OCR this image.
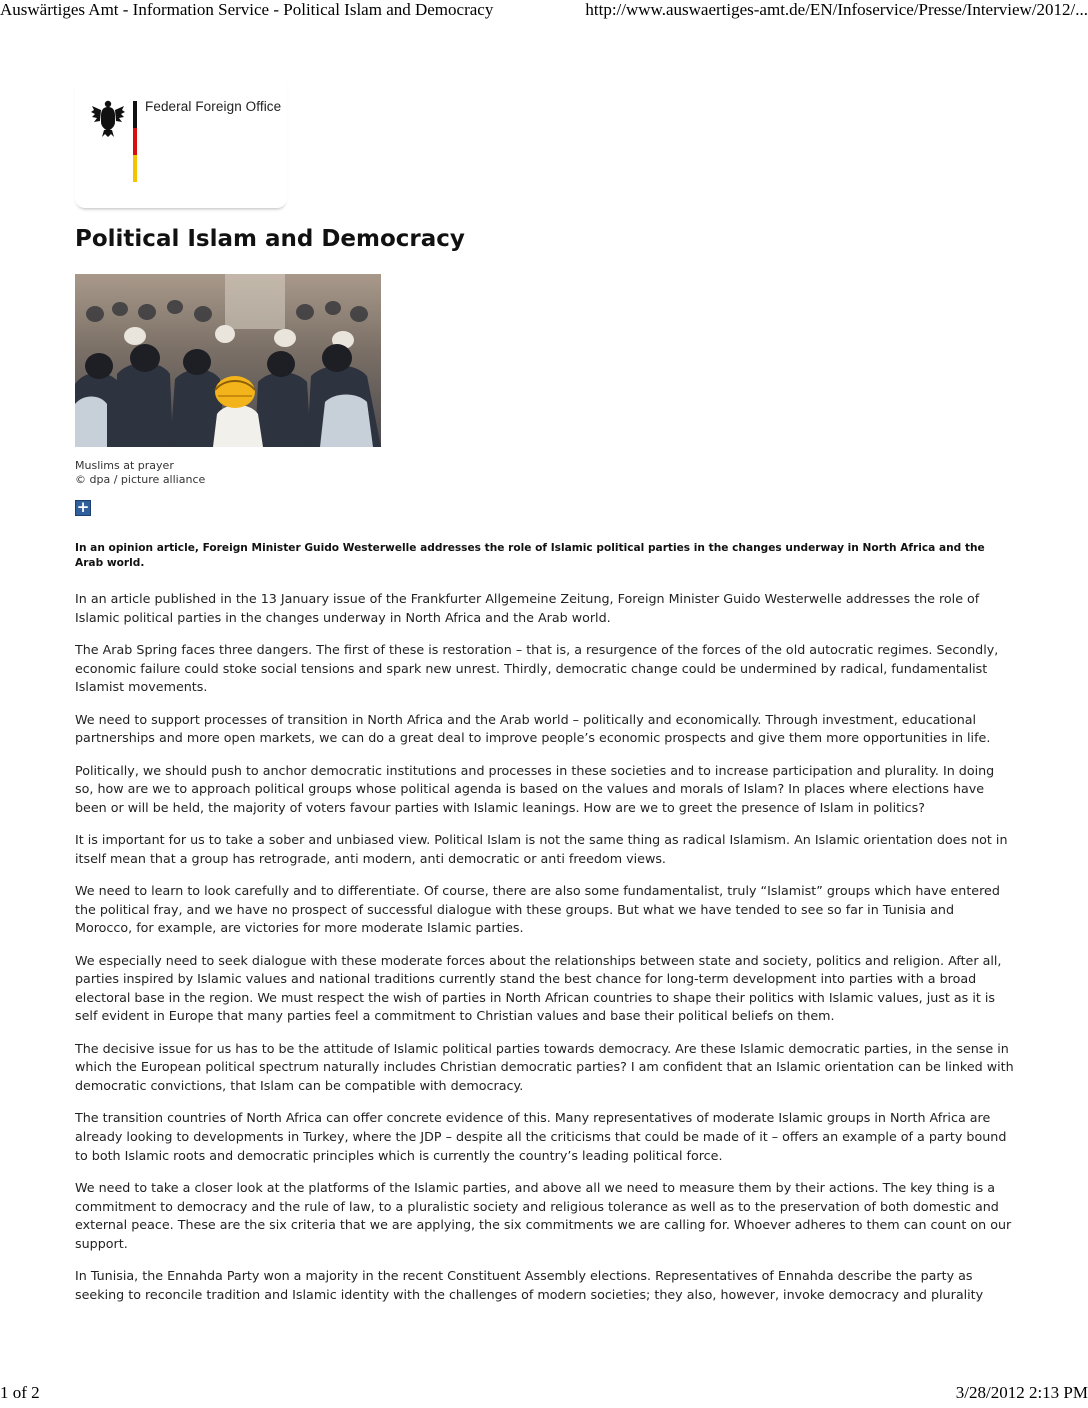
Auswärtiges Amt - Information Service - Political Islam and Democracy	http://www.auswaertiges-amt.de/EN/Infoservice/Presse/Interview/2012/...
Federal Foreign Office
Political Islam and Democracy
Muslims at prayer
© dpa / picture alliance
+

In an opinion article, Foreign Minister Guido Westerwelle addresses the role of Islamic political parties in the changes underway in North Africa and the Arab world.

In an article published in the 13 January issue of the Frankfurter Allgemeine Zeitung, Foreign Minister Guido Westerwelle addresses the role of Islamic political parties in the changes underway in North Africa and the Arab world.

The Arab Spring faces three dangers. The first of these is restoration – that is, a resurgence of the forces of the old autocratic regimes. Secondly, economic failure could stoke social tensions and spark new unrest. Thirdly, democratic change could be undermined by radical, fundamentalist Islamist movements.

We need to support processes of transition in North Africa and the Arab world – politically and economically. Through investment, educational partnerships and more open markets, we can do a great deal to improve people’s economic prospects and give them more opportunities in life.

Politically, we should push to anchor democratic institutions and processes in these societies and to increase participation and plurality. In doing so, how are we to approach political groups whose political agenda is based on the values and morals of Islam? In places where elections have been or will be held, the majority of voters favour parties with Islamic leanings. How are we to greet the presence of Islam in politics?

It is important for us to take a sober and unbiased view. Political Islam is not the same thing as radical Islamism. An Islamic orientation does not in itself mean that a group has retrograde, anti modern, anti democratic or anti freedom views.

We need to learn to look carefully and to differentiate. Of course, there are also some fundamentalist, truly “Islamist” groups which have entered the political fray, and we have no prospect of successful dialogue with these groups. But what we have tended to see so far in Tunisia and Morocco, for example, are victories for more moderate Islamic parties.

We especially need to seek dialogue with these moderate forces about the relationships between state and society, politics and religion. After all, parties inspired by Islamic values and national traditions currently stand the best chance for long-term development into parties with a broad electoral base in the region. We must respect the wish of parties in North African countries to shape their politics with Islamic values, just as it is self evident in Europe that many parties feel a commitment to Christian values and base their political beliefs on them.

The decisive issue for us has to be the attitude of Islamic political parties towards democracy. Are these Islamic democratic parties, in the sense in which the European political spectrum naturally includes Christian democratic parties? I am confident that an Islamic orientation can be linked with democratic convictions, that Islam can be compatible with democracy.

The transition countries of North Africa can offer concrete evidence of this. Many representatives of moderate Islamic groups in North Africa are already looking to developments in Turkey, where the JDP – despite all the criticisms that could be made of it – offers an example of a party bound to both Islamic roots and democratic principles which is currently the country’s leading political force.

We need to take a closer look at the platforms of the Islamic parties, and above all we need to measure them by their actions. The key thing is a commitment to democracy and the rule of law, to a pluralistic society and religious tolerance as well as to the preservation of both domestic and external peace. These are the six criteria that we are applying, the six commitments we are calling for. Whoever adheres to them can count on our support.

In Tunisia, the Ennahda Party won a majority in the recent Constituent Assembly elections. Representatives of Ennahda describe the party as seeking to reconcile tradition and Islamic identity with the challenges of modern societies; they also, however, invoke democracy and plurality

1 of 2	3/28/2012 2:13 PM
